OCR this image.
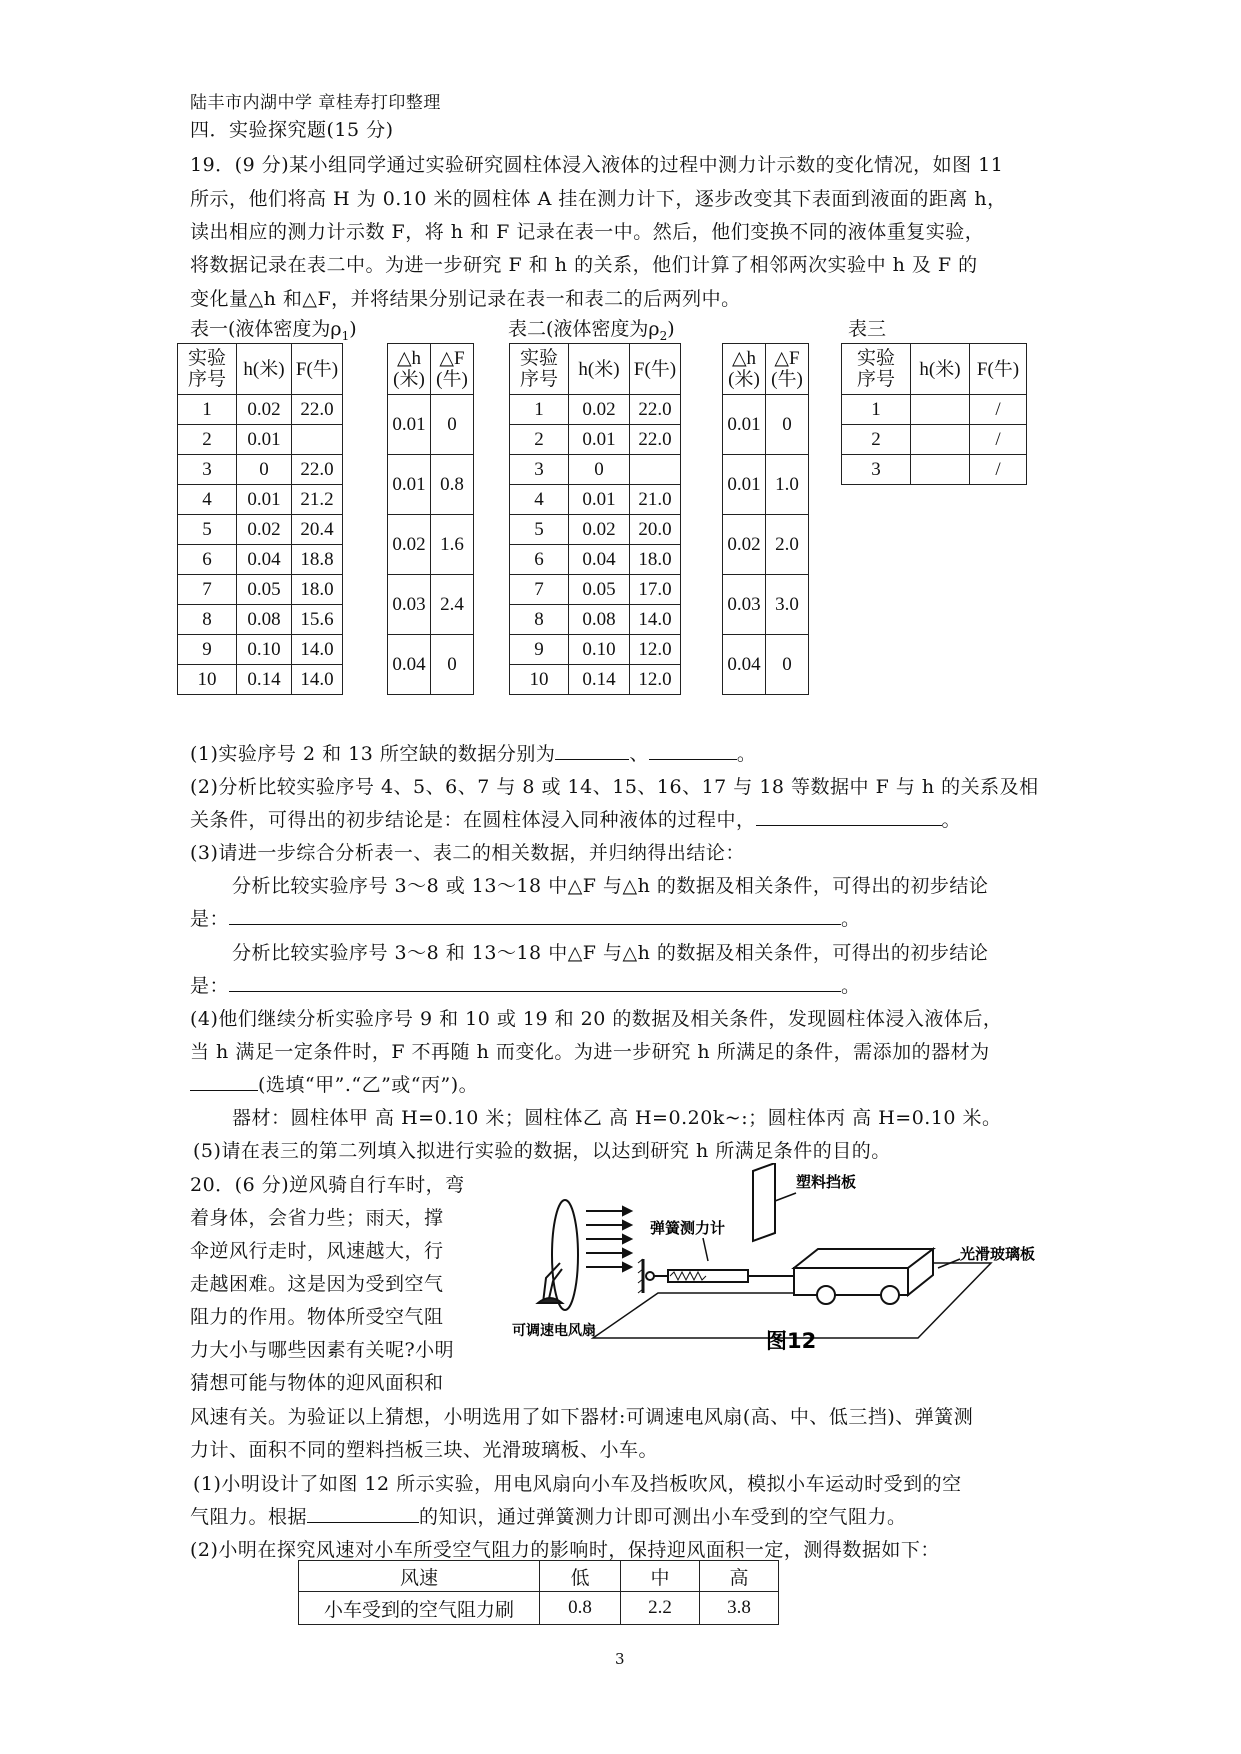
陆丰市内湖中学 章桂寿打印整理
四．实验探究题(15 分)
19．(9 分)某小组同学通过实验研究圆柱体浸入液体的过程中测力计示数的变化情况，如图 11
所示，他们将高 H 为 0.10 米的圆柱体 A 挂在测力计下，逐步改变其下表面到液面的距离 h，
读出相应的测力计示数 F，将 h 和 F 记录在表一中。然后，他们变换不同的液体重复实验，
将数据记录在表二中。为进一步研究 F 和 h 的关系，他们计算了相邻两次实验中 h 及 F 的
变化量△h 和△F，并将结果分别记录在表一和表二的后两列中。
表一(液体密度为$\rho_1$)	表二(液体密度为$\rho_2$)	表三
实验
序号	h(米)	F(牛)
1	0.02	22.0
2	0.01	
3	0	22.0
4	0.01	21.2
5	0.02	20.4
6	0.04	18.8
7	0.05	18.0
8	0.08	15.6
9	0.10	14.0
10	0.14	14.0
△h
(米)	△F
(牛)
0.01	0
0.01	0.8
0.02	1.6
0.03	2.4
0.04	0
实验
序号	h(米)	F(牛)
1	0.02	22.0
2	0.01	22.0
3	0	
4	0.01	21.0
5	0.02	20.0
6	0.04	18.0
7	0.05	17.0
8	0.08	14.0
9	0.10	12.0
10	0.14	12.0
△h
(米)	△F
(牛)
0.01	0
0.01	1.0
0.02	2.0
0.03	3.0
0.04	0
实验
序号	h(米)	F(牛)
1		/
2		/
3		/
(1)实验序号 2 和 13 所空缺的数据分别为	、	。
(2)分析比较实验序号 4、5、6、7 与 8 或 14、15、16、17 与 18 等数据中 F 与 h 的关系及相
关条件，可得出的初步结论是：在圆柱体浸入同种液体的过程中，	。
(3)请进一步综合分析表一、表二的相关数据，并归纳得出结论：
分析比较实验序号 3～8 或 13～18 中△F 与△h 的数据及相关条件，可得出的初步结论
是：	。
分析比较实验序号 3～8 和 13～18 中△F 与△h 的数据及相关条件，可得出的初步结论
是：	。
(4)他们继续分析实验序号 9 和 10 或 19 和 20 的数据及相关条件，发现圆柱体浸入液体后，
当 h 满足一定条件时，F 不再随 h 而变化。为进一步研究 h 所满足的条件，需添加的器材为
(选填“甲”.“乙”或“丙”)。
器材：圆柱体甲 高 H=0.10 米；圆柱体乙 高 H=0.20k~:；圆柱体丙 高 H=0.10 米。
(5)请在表三的第二列填入拟进行实验的数据，以达到研究 h 所满足条件的目的。
20．(6 分)逆风骑自行车时，弯
着身体，会省力些；雨天，撑
伞逆风行走时，风速越大，行
走越困难。这是因为受到空气
阻力的作用。物体所受空气阻
力大小与哪些因素有关呢?小明
猜想可能与物体的迎风面积和
塑料挡板
弹簧测力计
光滑玻璃板
可调速电风扇	图12
风速有关。为验证以上猜想，小明选用了如下器材:可调速电风扇(高、中、低三挡)、弹簧测
力计、面积不同的塑料挡板三块、光滑玻璃板、小车。
(1)小明设计了如图 12 所示实验，用电风扇向小车及挡板吹风，模拟小车运动时受到的空
气阻力。根据	的知识，通过弹簧测力计即可测出小车受到的空气阻力。
(2)小明在探究风速对小车所受空气阻力的影响时，保持迎风面积一定，测得数据如下：
风速	低	中	高
小车受到的空气阻力刷	0.8	2.2	3.8
3
